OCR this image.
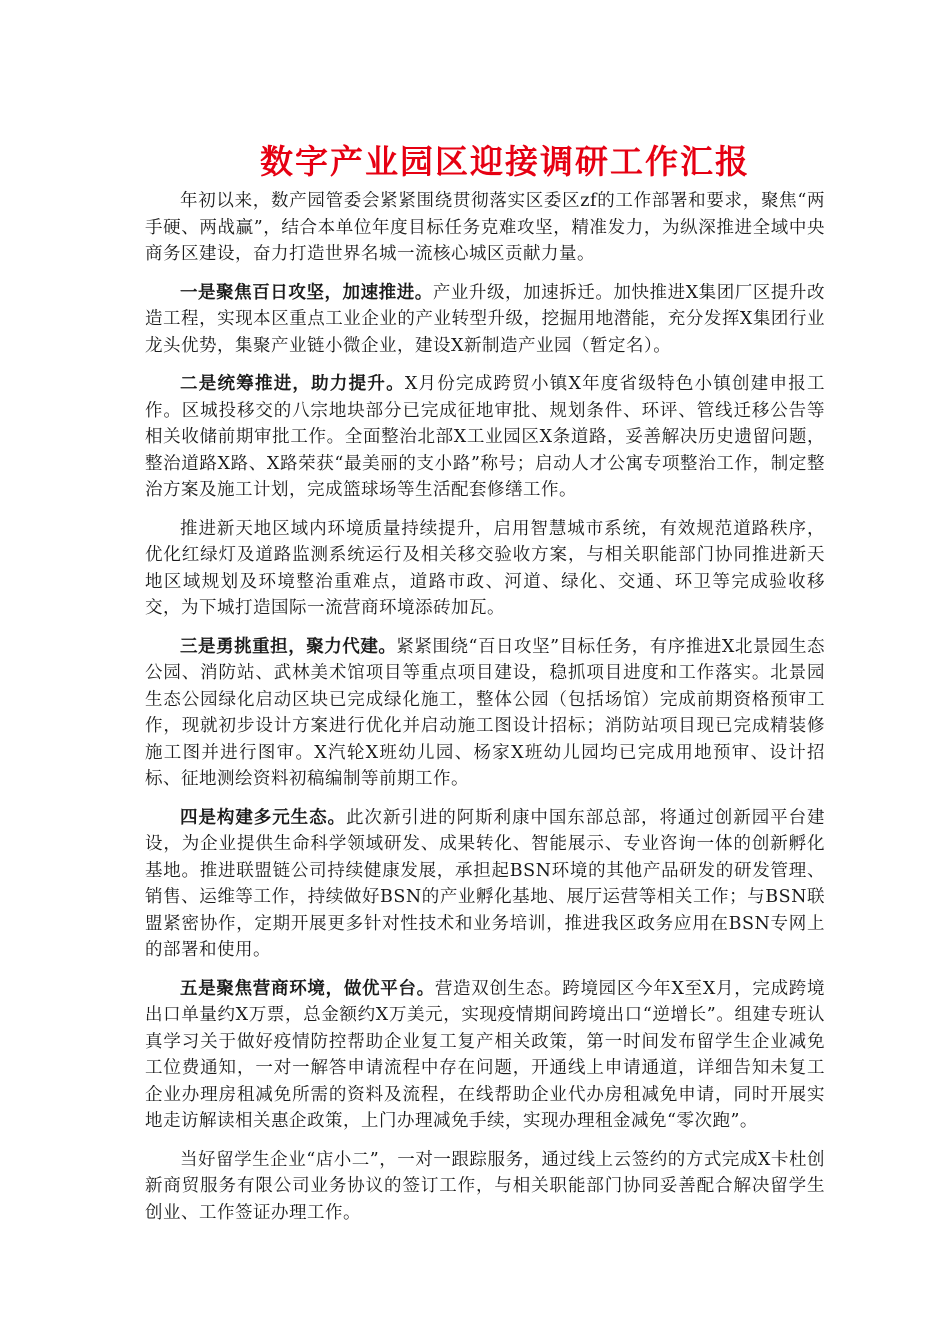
数字产业园区迎接调研工作汇报

年初以来，数产园管委会紧紧围绕贯彻落实区委区zf的工作部署和要求，聚焦“两手硬、两战赢”，结合本单位年度目标任务克难攻坚，精准发力，为纵深推进全域中央商务区建设，奋力打造世界名城一流核心城区贡献力量。

一是聚焦百日攻坚，加速推进。产业升级，加速拆迁。加快推进X集团厂区提升改造工程，实现本区重点工业企业的产业转型升级，挖掘用地潜能，充分发挥X集团行业龙头优势，集聚产业链小微企业，建设X新制造产业园（暂定名）。

二是统筹推进，助力提升。X月份完成跨贸小镇X年度省级特色小镇创建申报工作。区城投移交的八宗地块部分已完成征地审批、规划条件、环评、管线迁移公告等相关收储前期审批工作。全面整治北部X工业园区X条道路，妥善解决历史遗留问题，整治道路X路、X路荣获“最美丽的支小路”称号；启动人才公寓专项整治工作，制定整治方案及施工计划，完成篮球场等生活配套修缮工作。

推进新天地区域内环境质量持续提升，启用智慧城市系统，有效规范道路秩序，优化红绿灯及道路监测系统运行及相关移交验收方案，与相关职能部门协同推进新天地区域规划及环境整治重难点，道路市政、河道、绿化、交通、环卫等完成验收移交，为下城打造国际一流营商环境添砖加瓦。

三是勇挑重担，聚力代建。紧紧围绕“百日攻坚”目标任务，有序推进X北景园生态公园、消防站、武林美术馆项目等重点项目建设，稳抓项目进度和工作落实。北景园生态公园绿化启动区块已完成绿化施工，整体公园（包括场馆）完成前期资格预审工作，现就初步设计方案进行优化并启动施工图设计招标；消防站项目现已完成精装修施工图并进行图审。X汽轮X班幼儿园、杨家X班幼儿园均已完成用地预审、设计招标、征地测绘资料初稿编制等前期工作。

四是构建多元生态。此次新引进的阿斯利康中国东部总部，将通过创新园平台建设，为企业提供生命科学领域研发、成果转化、智能展示、专业咨询一体的创新孵化基地。推进联盟链公司持续健康发展，承担起BSN环境的其他产品研发的研发管理、销售、运维等工作，持续做好BSN的产业孵化基地、展厅运营等相关工作；与BSN联盟紧密协作，定期开展更多针对性技术和业务培训，推进我区政务应用在BSN专网上的部署和使用。

五是聚焦营商环境，做优平台。营造双创生态。跨境园区今年X至X月，完成跨境出口单量约X万票，总金额约X万美元，实现疫情期间跨境出口“逆增长”。组建专班认真学习关于做好疫情防控帮助企业复工复产相关政策，第一时间发布留学生企业减免工位费通知，一对一解答申请流程中存在问题，开通线上申请通道，详细告知未复工企业办理房租减免所需的资料及流程，在线帮助企业代办房租减免申请，同时开展实地走访解读相关惠企政策，上门办理减免手续，实现办理租金减免“零次跑”。

当好留学生企业“店小二”，一对一跟踪服务，通过线上云签约的方式完成X卡杜创新商贸服务有限公司业务协议的签订工作，与相关职能部门协同妥善配合解决留学生创业、工作签证办理工作。
